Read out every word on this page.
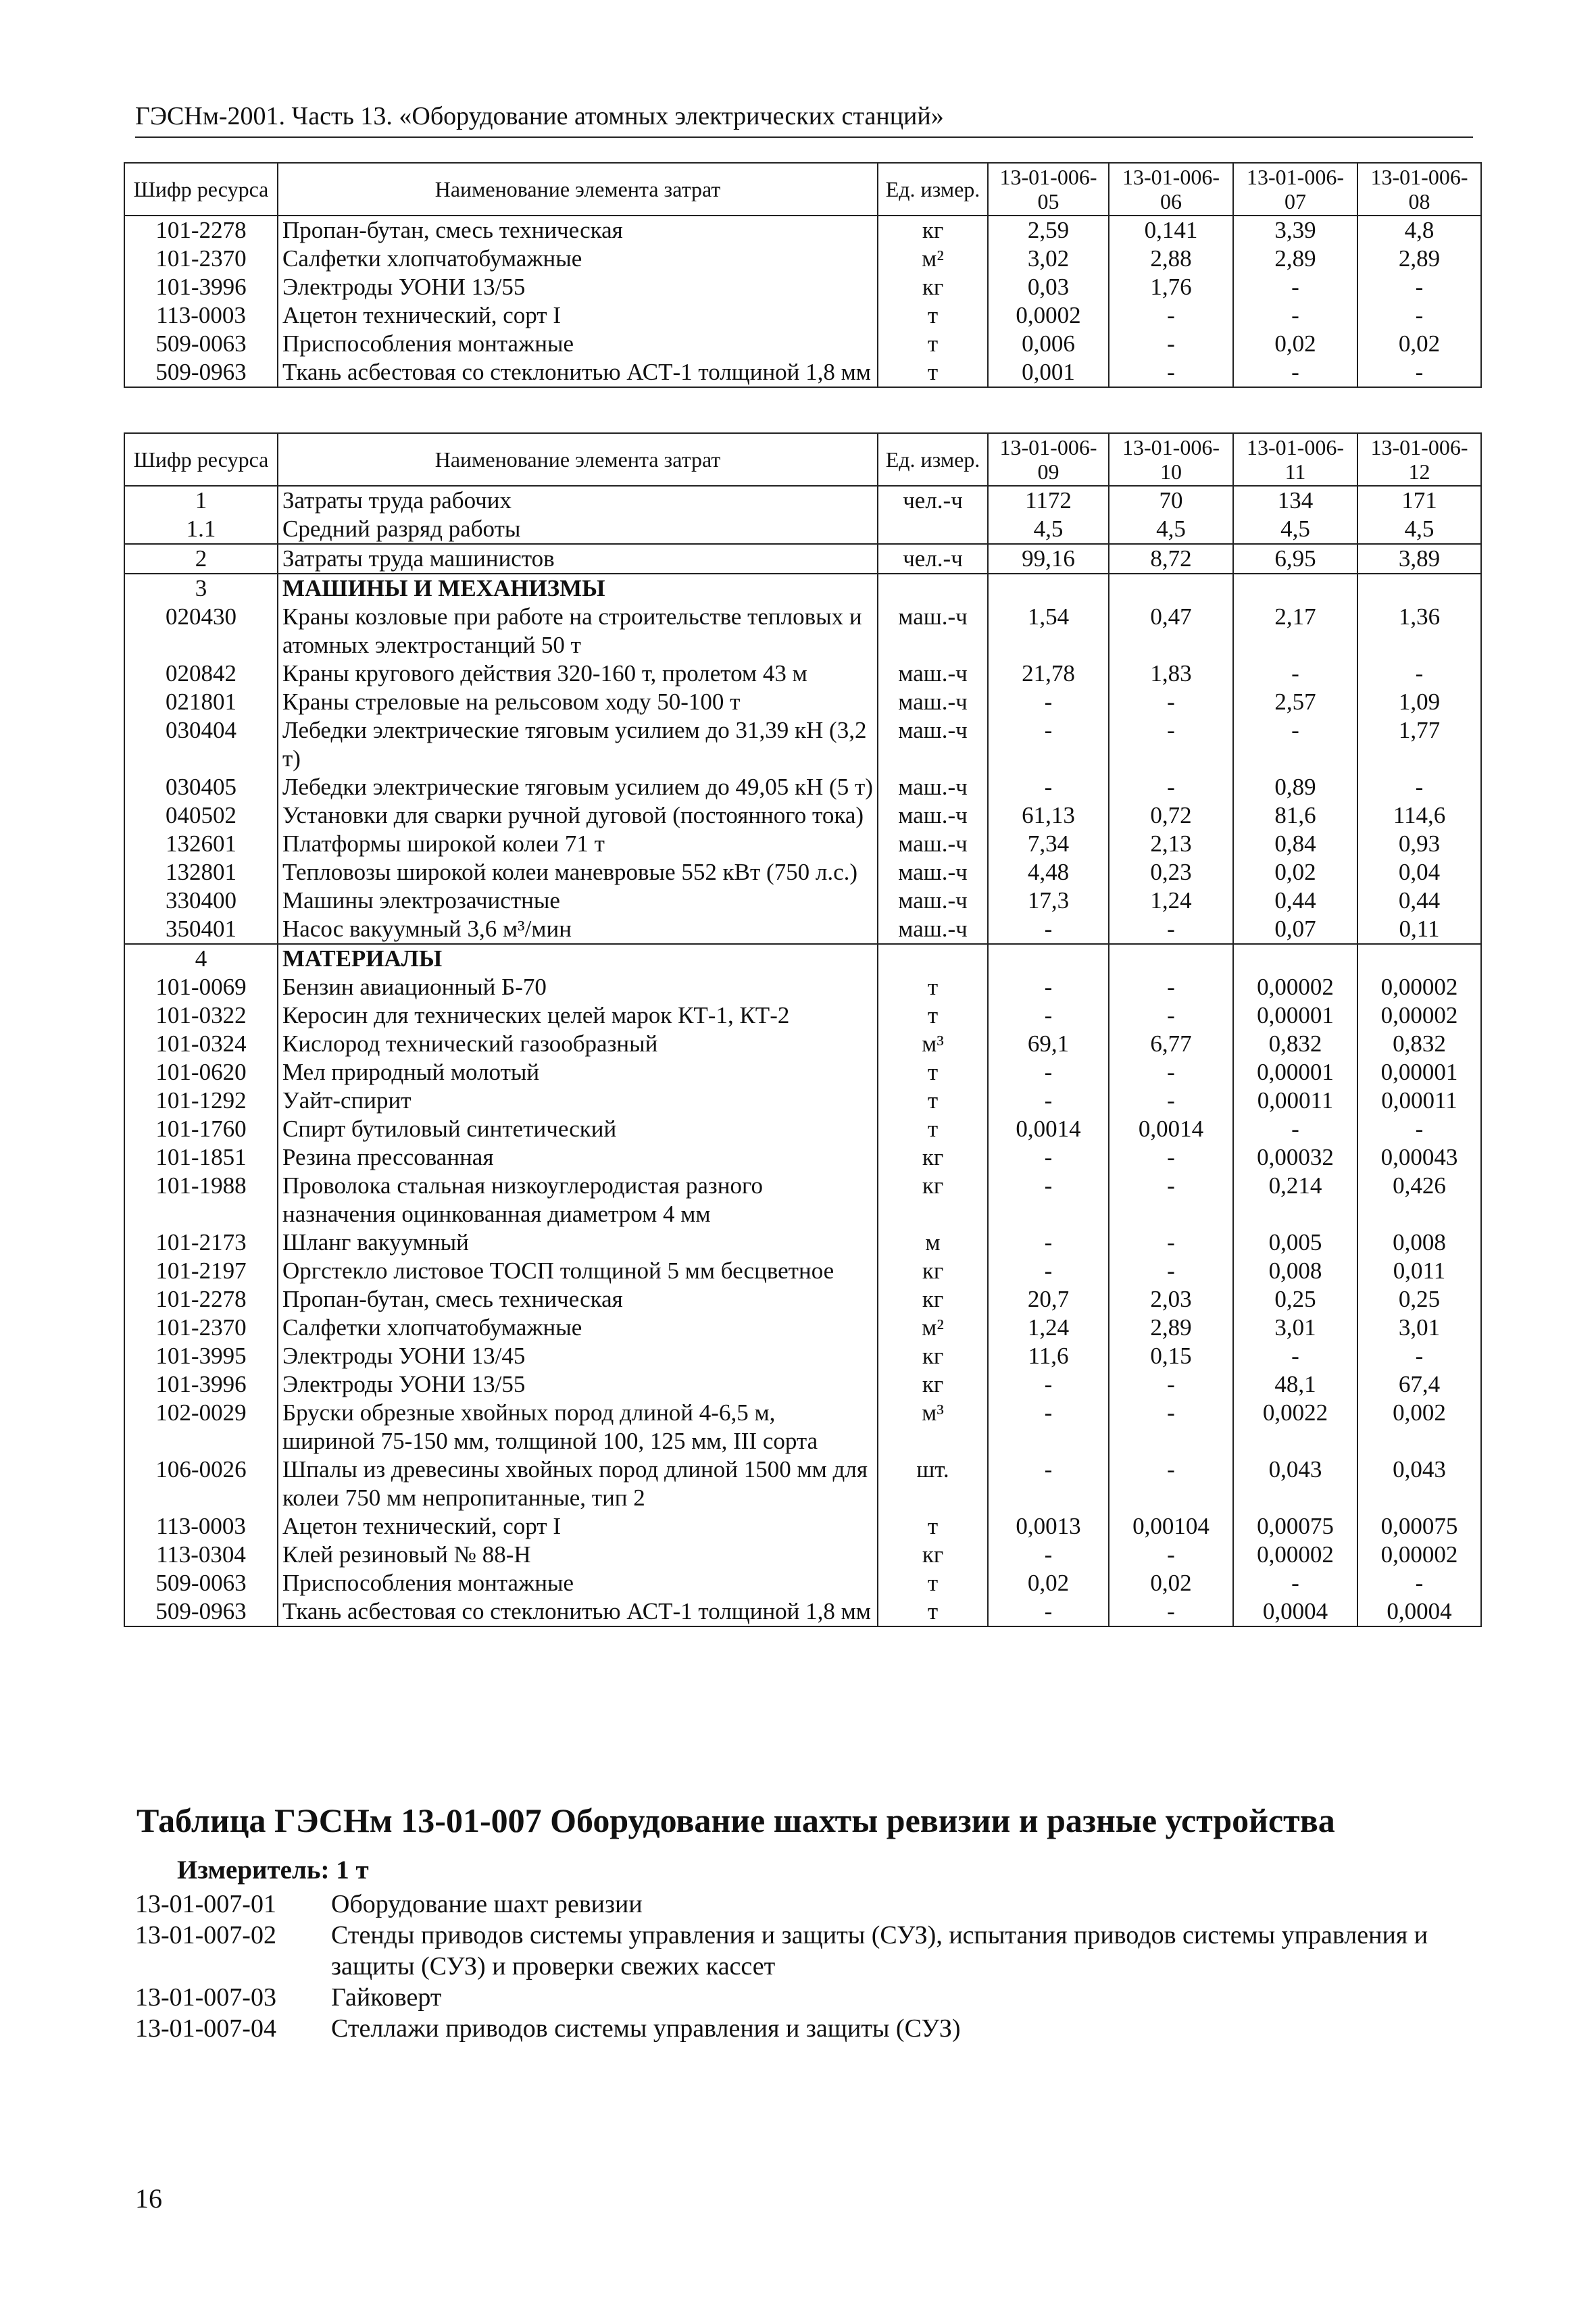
ГЭСНм-2001. Часть 13. «Оборудование атомных электрических станций»
Шифр ресурса	Наименование элемента затрат	Ед. измер.	13-01-006-05	13-01-006-06	13-01-006-07	13-01-006-08
101-2278	Пропан-бутан, смесь техническая	кг	2,59	0,141	3,39	4,8
101-2370	Салфетки хлопчатобумажные	м²	3,02	2,88	2,89	2,89
101-3996	Электроды УОНИ 13/55	кг	0,03	1,76	-	-
113-0003	Ацетон технический, сорт I	т	0,0002	-	-	-
509-0063	Приспособления монтажные	т	0,006	-	0,02	0,02
509-0963	Ткань асбестовая со стеклонитью АСТ-1 толщиной 1,8 мм	т	0,001	-	-	-
Шифр ресурса	Наименование элемента затрат	Ед. измер.	13-01-006-09	13-01-006-10	13-01-006-11	13-01-006-12
1	Затраты труда рабочих	чел.-ч	1172	70	134	171
1.1	Средний разряд работы		4,5	4,5	4,5	4,5
2	Затраты труда машинистов	чел.-ч	99,16	8,72	6,95	3,89
3	МАШИНЫ И МЕХАНИЗМЫ					
020430	Краны козловые при работе на строительстве тепловых и атомных электростанций 50 т	маш.-ч	1,54	0,47	2,17	1,36
020842	Краны кругового действия 320-160 т, пролетом 43 м	маш.-ч	21,78	1,83	-	-
021801	Краны стреловые на рельсовом ходу 50-100 т	маш.-ч	-	-	2,57	1,09
030404	Лебедки электрические тяговым усилием до 31,39 кН (3,2 т)	маш.-ч	-	-	-	1,77
030405	Лебедки электрические тяговым усилием до 49,05 кН (5 т)	маш.-ч	-	-	0,89	-
040502	Установки для сварки ручной дуговой (постоянного тока)	маш.-ч	61,13	0,72	81,6	114,6
132601	Платформы широкой колеи 71 т	маш.-ч	7,34	2,13	0,84	0,93
132801	Тепловозы широкой колеи маневровые 552 кВт (750 л.с.)	маш.-ч	4,48	0,23	0,02	0,04
330400	Машины электрозачистные	маш.-ч	17,3	1,24	0,44	0,44
350401	Насос вакуумный 3,6 м³/мин	маш.-ч	-	-	0,07	0,11
4	МАТЕРИАЛЫ					
101-0069	Бензин авиационный Б-70	т	-	-	0,00002	0,00002
101-0322	Керосин для технических целей марок КТ-1, КТ-2	т	-	-	0,00001	0,00002
101-0324	Кислород технический газообразный	м³	69,1	6,77	0,832	0,832
101-0620	Мел природный молотый	т	-	-	0,00001	0,00001
101-1292	Уайт-спирит	т	-	-	0,00011	0,00011
101-1760	Спирт бутиловый синтетический	т	0,0014	0,0014	-	-
101-1851	Резина прессованная	кг	-	-	0,00032	0,00043
101-1988	Проволока стальная низкоуглеродистая разного назначения оцинкованная диаметром 4 мм	кг	-	-	0,214	0,426
101-2173	Шланг вакуумный	м	-	-	0,005	0,008
101-2197	Оргстекло листовое ТОСП толщиной 5 мм бесцветное	кг	-	-	0,008	0,011
101-2278	Пропан-бутан, смесь техническая	кг	20,7	2,03	0,25	0,25
101-2370	Салфетки хлопчатобумажные	м²	1,24	2,89	3,01	3,01
101-3995	Электроды УОНИ 13/45	кг	11,6	0,15	-	-
101-3996	Электроды УОНИ 13/55	кг	-	-	48,1	67,4
102-0029	Бруски обрезные хвойных пород длиной 4-6,5 м, шириной 75-150 мм, толщиной 100, 125 мм, III сорта	м³	-	-	0,0022	0,002
106-0026	Шпалы из древесины хвойных пород длиной 1500 мм для колеи 750 мм непропитанные, тип 2	шт.	-	-	0,043	0,043
113-0003	Ацетон технический, сорт I	т	0,0013	0,00104	0,00075	0,00075
113-0304	Клей резиновый № 88-Н	кг	-	-	0,00002	0,00002
509-0063	Приспособления монтажные	т	0,02	0,02	-	-
509-0963	Ткань асбестовая со стеклонитью АСТ-1 толщиной 1,8 мм	т	-	-	0,0004	0,0004
Таблица ГЭСНм 13-01-007 Оборудование шахты ревизии и разные устройства
Измеритель: 1 т
13-01-007-01	Оборудование шахт ревизии
13-01-007-02	Стенды приводов системы управления и защиты (СУЗ), испытания приводов системы управления и защиты (СУЗ) и проверки свежих кассет
13-01-007-03	Гайковерт
13-01-007-04	Стеллажи приводов системы управления и защиты (СУЗ)
16
